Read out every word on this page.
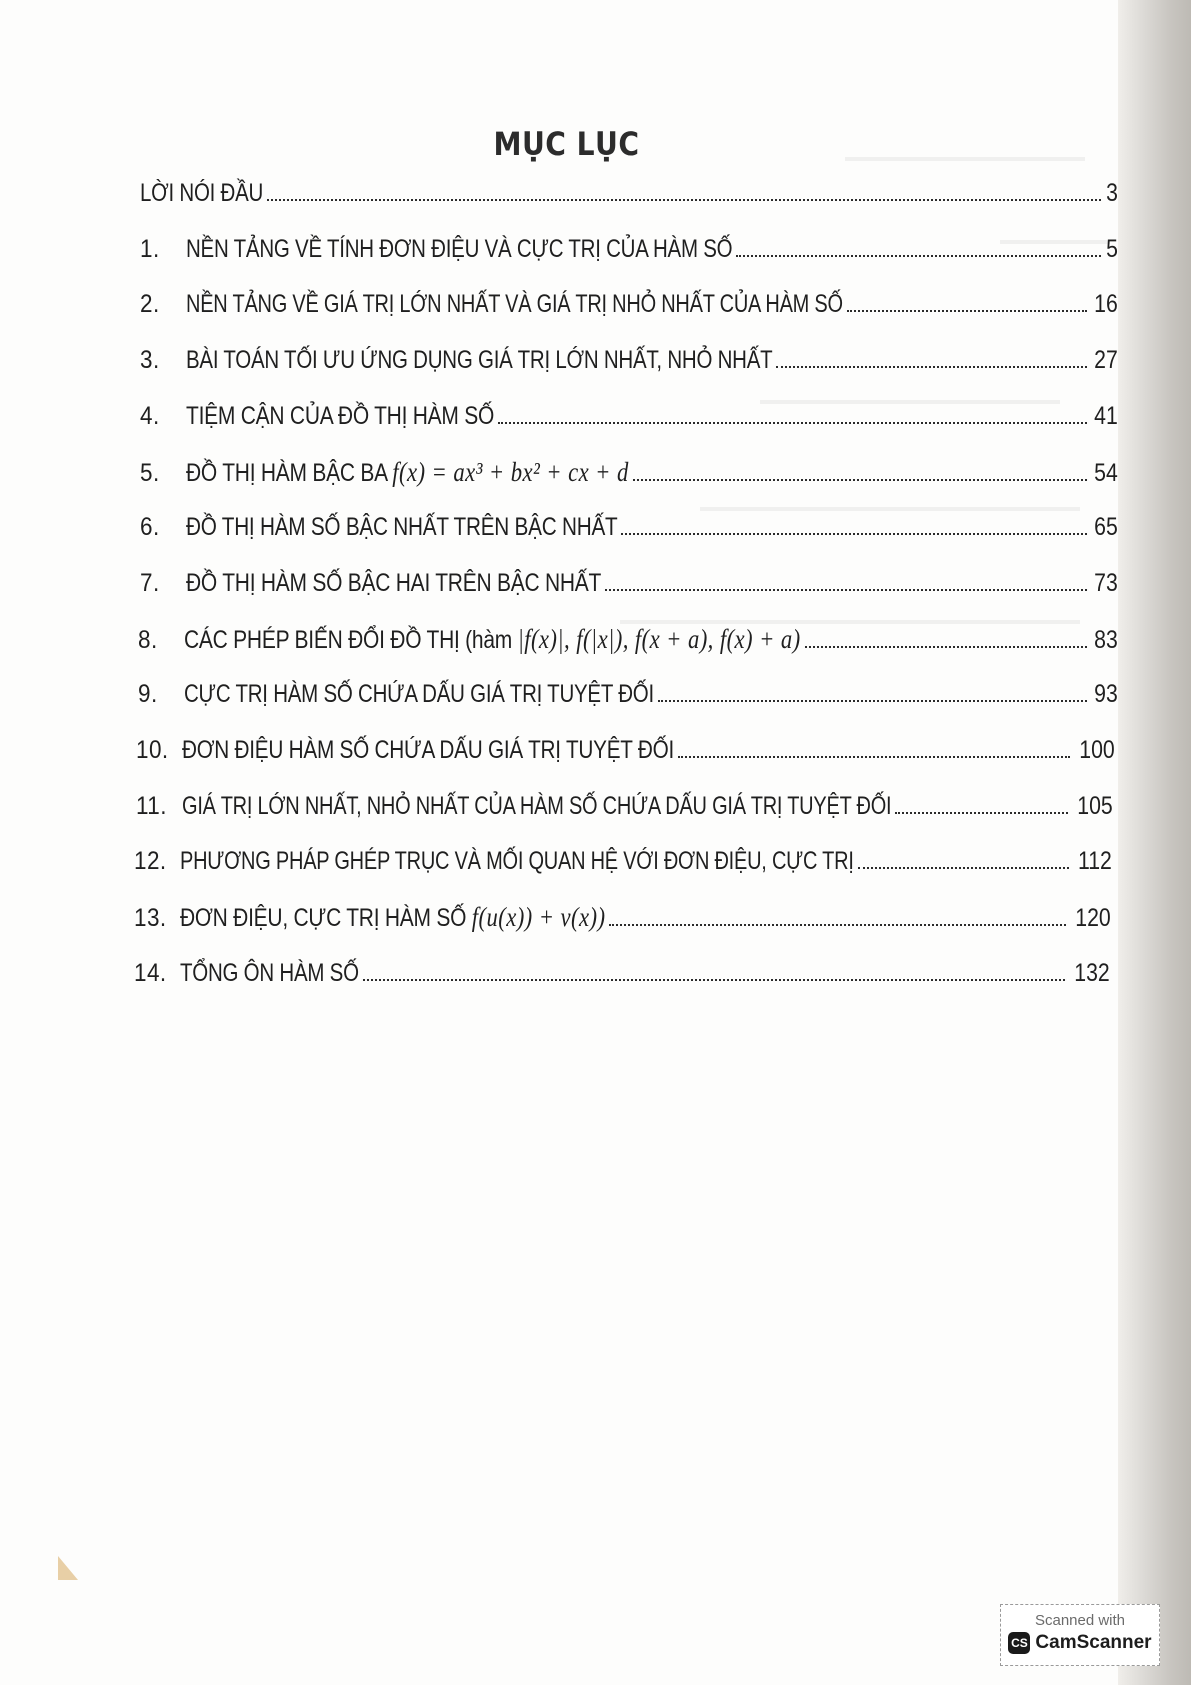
MỤC LỤC
LỜI NÓI ĐẦU	3
1.	NỀN TẢNG VỀ TÍNH ĐƠN ĐIỆU VÀ CỰC TRỊ CỦA HÀM SỐ	5
2.	NỀN TẢNG VỀ GIÁ TRỊ LỚN NHẤT VÀ GIÁ TRỊ NHỎ NHẤT CỦA HÀM SỐ	16
3.	BÀI TOÁN TỐI ƯU ỨNG DỤNG GIÁ TRỊ LỚN NHẤT, NHỎ NHẤT	27
4.	TIỆM CẬN CỦA ĐỒ THỊ HÀM SỐ	41
5.	ĐỒ THỊ HÀM BẬC BA f(x) = ax³ + bx² + cx + d	54
6.	ĐỒ THỊ HÀM SỐ BẬC NHẤT TRÊN BẬC NHẤT	65
7.	ĐỒ THỊ HÀM SỐ BẬC HAI TRÊN BẬC NHẤT	73
8.	CÁC PHÉP BIẾN ĐỔI ĐỒ THỊ (hàm |f(x)|, f(|x|), f(x + a), f(x) + a)	83
9.	CỰC TRỊ HÀM SỐ CHỨA DẤU GIÁ TRỊ TUYỆT ĐỐI	93
10. ĐƠN ĐIỆU HÀM SỐ CHỨA DẤU GIÁ TRỊ TUYỆT ĐỐI	100
11. GIÁ TRỊ LỚN NHẤT, NHỎ NHẤT CỦA HÀM SỐ CHỨA DẤU GIÁ TRỊ TUYỆT ĐỐI	105
12. PHƯƠNG PHÁP GHÉP TRỤC VÀ MỐI QUAN HỆ VỚI ĐƠN ĐIỆU, CỰC TRỊ	112
13. ĐƠN ĐIỆU, CỰC TRỊ HÀM SỐ f(u(x)) + v(x))	120
14. TỔNG ÔN HÀM SỐ	132
Scanned with
CS CamScanner
